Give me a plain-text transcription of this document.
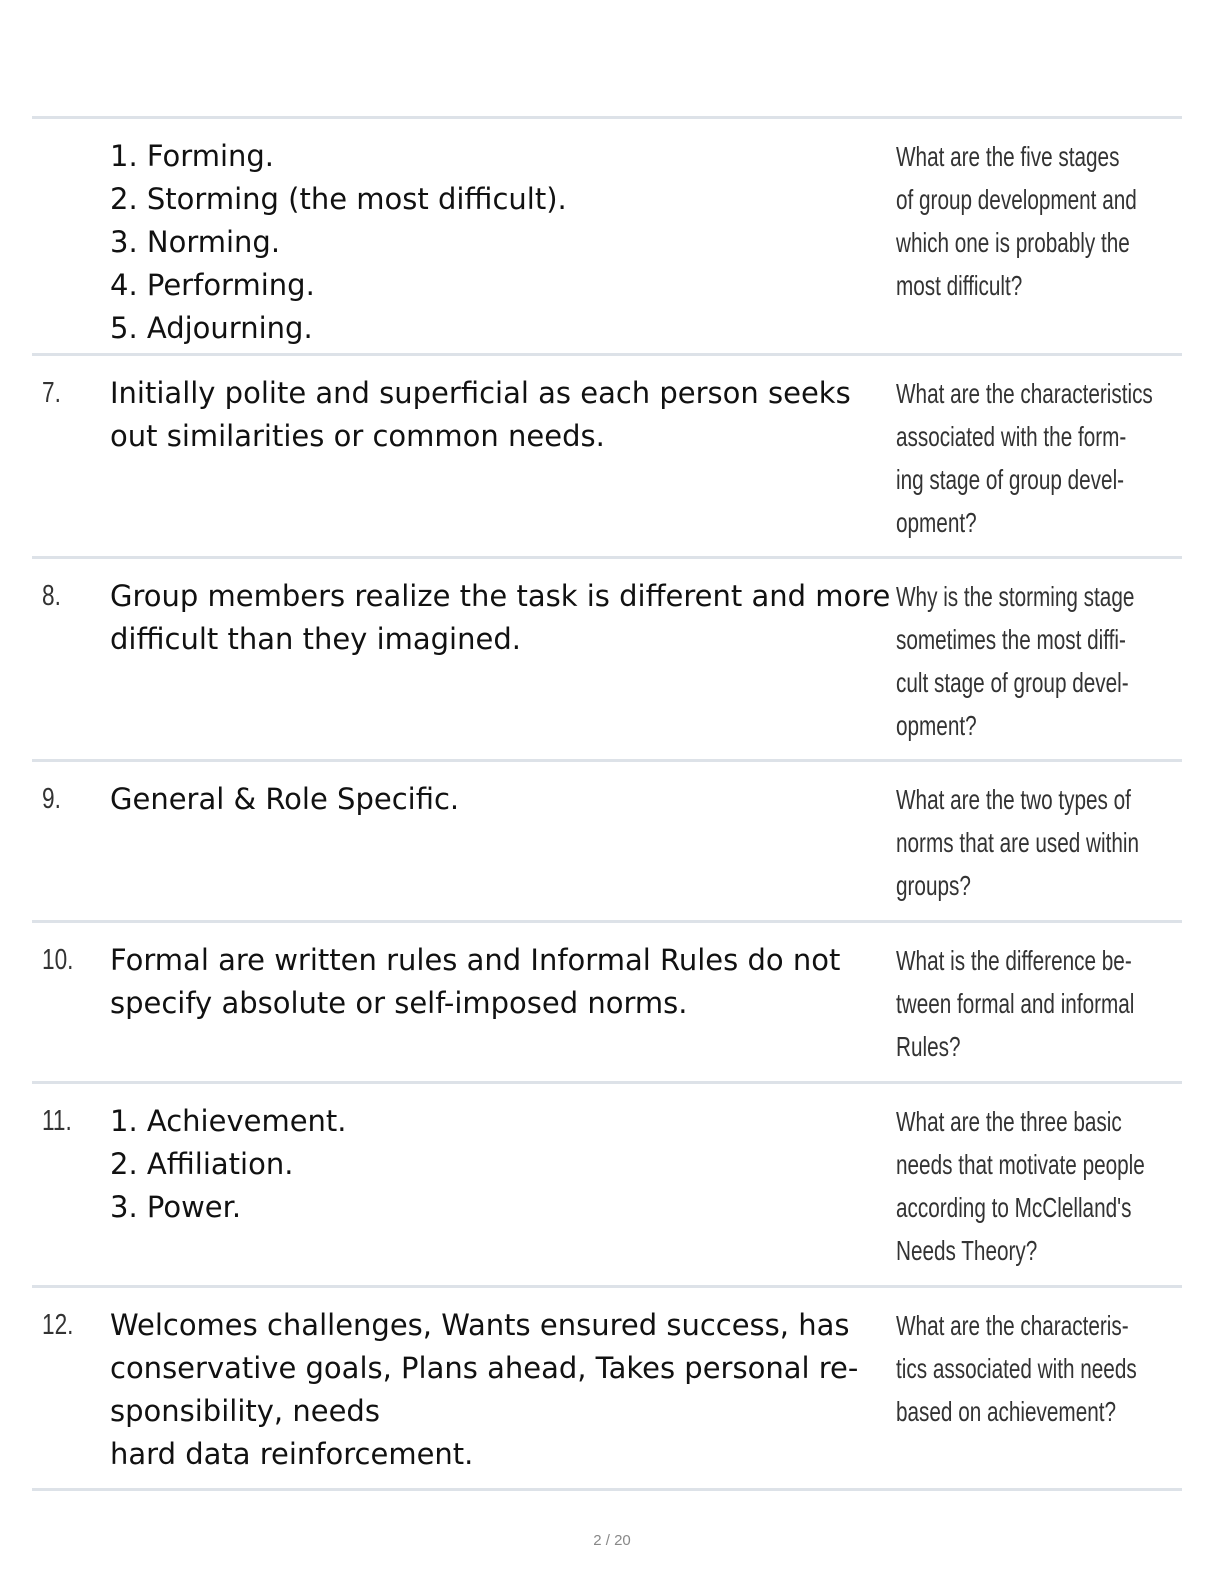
1. Forming.
2. Storming (the most difficult).
3. Norming.
4. Performing.
5. Adjourning.
What are the five stages
of group development and
which one is probably the
most difficult?
7. Initially polite and superficial as each person seeks
out similarities or common needs.
What are the characteristics
associated with the form-
ing stage of group devel-
opment?
8. Group members realize the task is different and more
difficult than they imagined.
Why is the storming stage
sometimes the most diffi-
cult stage of group devel-
opment?
9. General & Role Specific.	What are the two types of
norms that are used within
groups?
10. Formal are written rules and Informal Rules do not
specify absolute or self-imposed norms.
What is the difference be-
tween formal and informal
Rules?
11. 1. Achievement.
2. Affiliation.
3. Power.
What are the three basic
needs that motivate people
according to McClelland's
Needs Theory?
12. Welcomes challenges, Wants ensured success, has
conservative goals, Plans ahead, Takes personal re-
sponsibility, needs
hard data reinforcement.
What are the characteris-
tics associated with needs
based on achievement?
2 / 20
